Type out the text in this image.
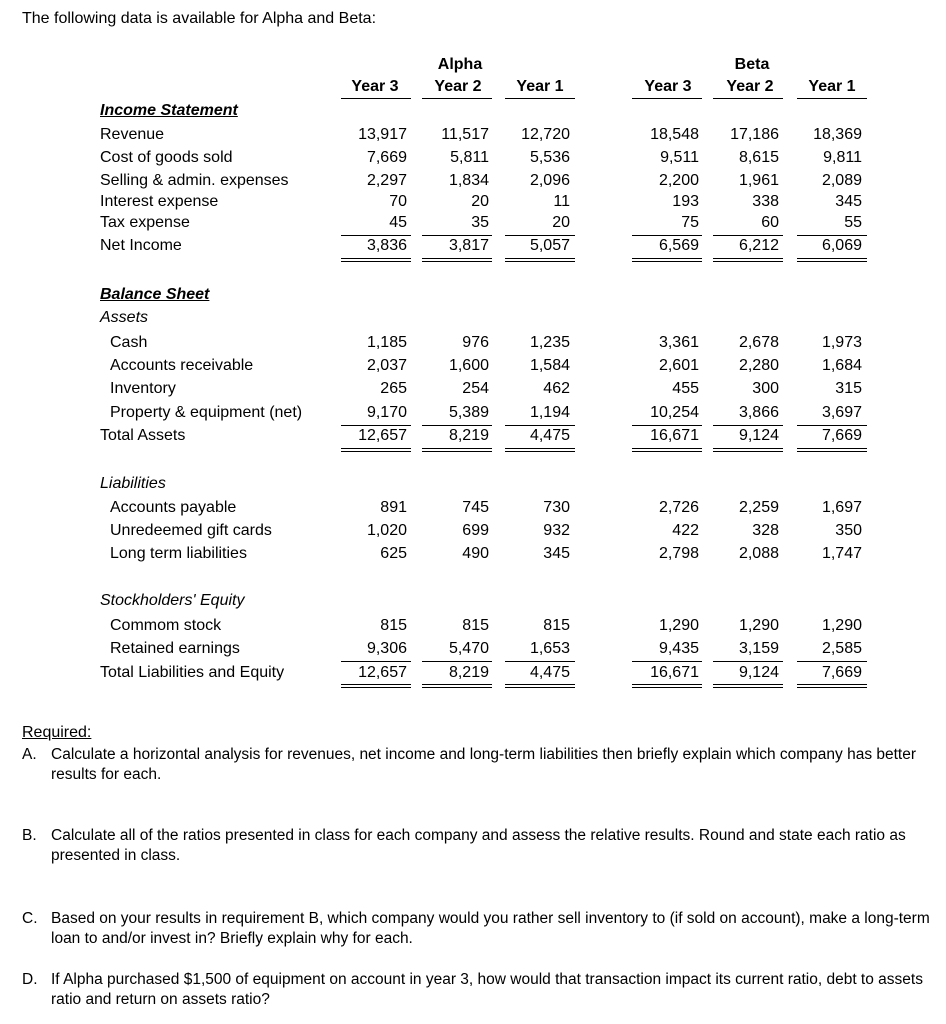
The following data is available for Alpha and Beta:
Alpha	Beta
Year 3	Year 2	Year 1	Year 3	Year 2	Year 1
Income Statement
Revenue	13,917	11,517	12,720	18,548	17,186	18,369
Cost of goods sold	7,669	5,811	5,536	9,511	8,615	9,811
Selling & admin. expenses	2,297	1,834	2,096	2,200	1,961	2,089
Interest expense	70	20	11	193	338	345
Tax expense	45	35	20	75	60	55
Net Income	3,836	3,817	5,057	6,569	6,212	6,069
Balance Sheet
Assets
Cash	1,185	976	1,235	3,361	2,678	1,973
Accounts receivable	2,037	1,600	1,584	2,601	2,280	1,684
Inventory	265	254	462	455	300	315
Property & equipment (net)	9,170	5,389	1,194	10,254	3,866	3,697
Total Assets	12,657	8,219	4,475	16,671	9,124	7,669
Liabilities
Accounts payable	891	745	730	2,726	2,259	1,697
Unredeemed gift cards	1,020	699	932	422	328	350
Long term liabilities	625	490	345	2,798	2,088	1,747
Stockholders' Equity
Commom stock	815	815	815	1,290	1,290	1,290
Retained earnings	9,306	5,470	1,653	9,435	3,159	2,585
Total Liabilities and Equity	12,657	8,219	4,475	16,671	9,124	7,669
Required:
A. Calculate a horizontal analysis for revenues, net income and long-term liabilities then briefly explain which company has better results for each.
B. Calculate all of the ratios presented in class for each company and assess the relative results. Round and state each ratio as presented in class.
C. Based on your results in requirement B, which company would you rather sell inventory to (if sold on account), make a long-term loan to and/or invest in? Briefly explain why for each.
D. If Alpha purchased $1,500 of equipment on account in year 3, how would that transaction impact its current ratio, debt to assets ratio and return on assets ratio?
